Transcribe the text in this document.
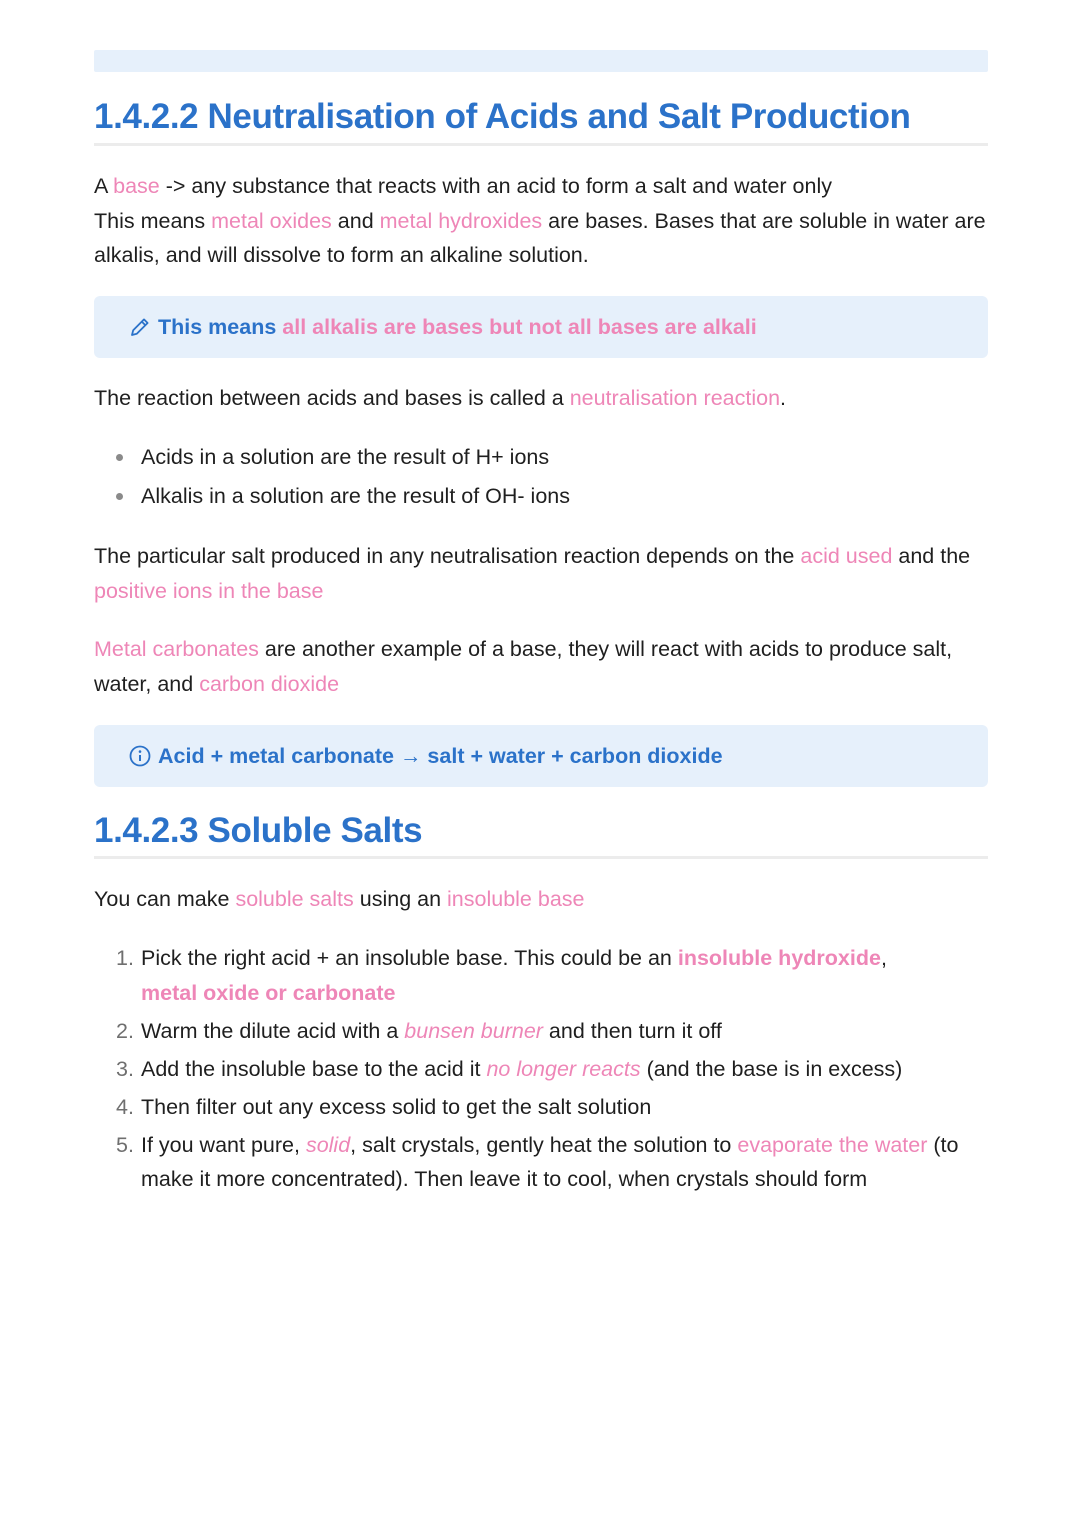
1.4.2.2 Neutralisation of Acids and Salt Production
A base -> any substance that reacts with an acid to form a salt and water only
This means metal oxides and metal hydroxides are bases. Bases that are soluble in water are alkalis, and will dissolve to form an alkaline solution.
This means
all alkalis are bases but not all bases are alkali
The reaction between acids and bases is called a neutralisation reaction.
Acids in a solution are the result of H+ ions
Alkalis in a solution are the result of OH- ions
The particular salt produced in any neutralisation reaction depends on the acid used and the positive ions in the base
Metal carbonates are another example of a base, they will react with acids to produce salt, water, and carbon dioxide
Acid + metal carbonate → salt + water + carbon dioxide
1.4.2.3 Soluble Salts
You can make soluble salts using an insoluble base
1. Pick the right acid + an insoluble base. This could be an insoluble hydroxide,
metal oxide or carbonate
2. Warm the dilute acid with a bunsen burner and then turn it off
3. Add the insoluble base to the acid it no longer reacts (and the base is in excess)
4. Then filter out any excess solid to get the salt solution
5. If you want pure, solid, salt crystals, gently heat the solution to evaporate the water (to make it more concentrated). Then leave it to cool, when crystals should form
